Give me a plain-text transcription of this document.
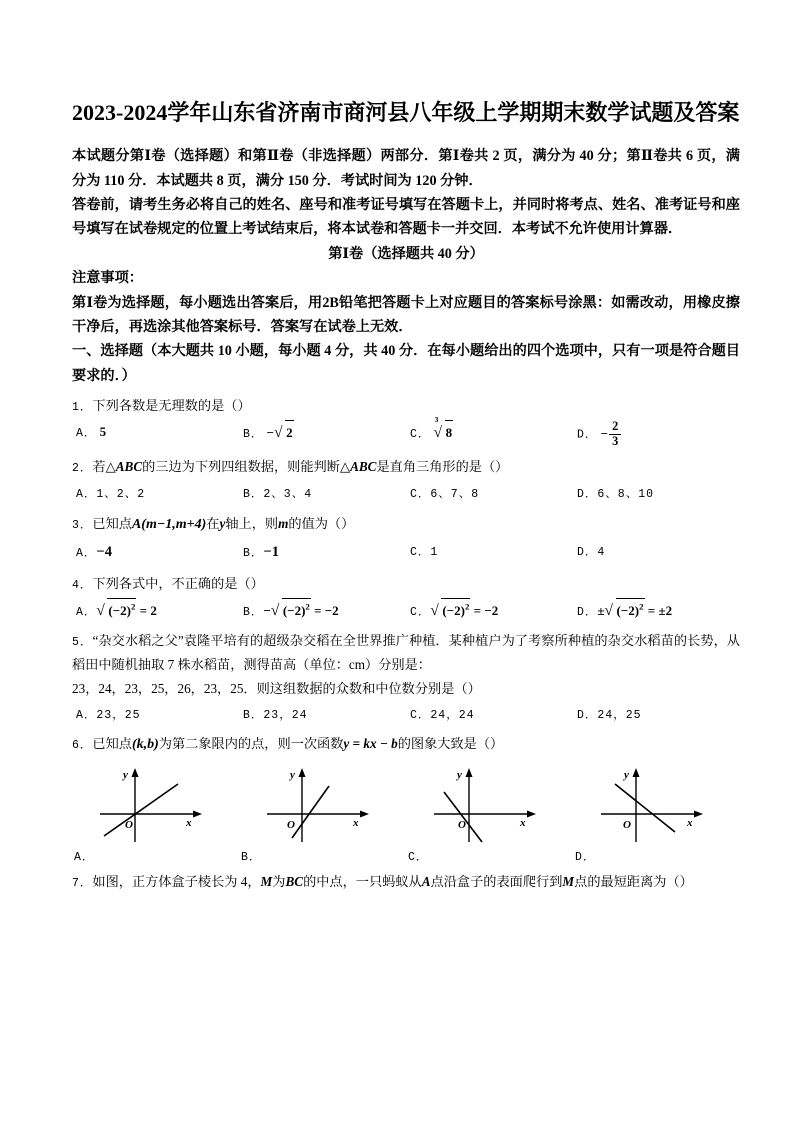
2023-2024学年山东省济南市商河县八年级上学期期末数学试题及答案

本试题分第Ⅰ卷（选择题）和第Ⅱ卷（非选择题）两部分．第Ⅰ卷共 2 页，满分为 40 分；第Ⅱ卷共 6 页，满分为 110 分．本试题共 8 页，满分 150 分．考试时间为 120 分钟．

答卷前，请考生务必将自己的姓名、座号和准考证号填写在答题卡上，并同时将考点、姓名、准考证号和座号填写在试卷规定的位置上考试结束后，将本试卷和答题卡一并交回．本考试不允许使用计算器．

第Ⅰ卷（选择题共 40 分）

注意事项：

第Ⅰ卷为选择题，每小题选出答案后，用2B铅笔把答题卡上对应题目的答案标号涂黑：如需改动，用橡皮擦干净后，再选涂其他答案标号．答案写在试卷上无效．

一、选择题（本大题共 10 小题，每小题 4 分，共 40 分．在每小题给出的四个选项中，只有一项是符合题目要求的．）

1．下列各数是无理数的是（）

A． 5	B． − √ 2	C．
√ 3
8	D． − $\frac{2}{3}$

2．若△ABC的三边为下列四组数据，则能判断△ABC是直角三角形的是（）

A．1、2、2	B．2、3、4	C．6、7、8	D．6、8、10

3．已知点A(m−1,m+4)在y轴上，则m的值为（）

A．−4	B．−1	C．1	D．4

4．下列各式中，不正确的是（）

A． √ $(-2)^2 = 2$	B．− √ $(-2)^2 = -2$	C． √ $(-2)^2 = -2$	D．± √ $(-2)^2 = \pm 2$

5．“杂交水稻之父”袁隆平培有的超级杂交稻在全世界推广种植．某种植户为了考察所种植的杂交水稻苗的长势，从稻田中随机抽取 7 株水稻苗，测得苗高（单位：cm）分别是：

23，24，23，25，26，23，25．则这组数据的众数和中位数分别是（）

A．23，25	B．23，24	C．24，24	D．24，25

6．已知点(k,b)为第二象限内的点，则一次函数y = kx − b的图象大致是（）

O	x
y
A．
O	x
y
B．
O	x
y
C．
O	x
y
D．

7．如图，正方体盒子棱长为 4，M为BC的中点，一只蚂蚁从A点沿盒子的表面爬行到M点的最短距离为（）
